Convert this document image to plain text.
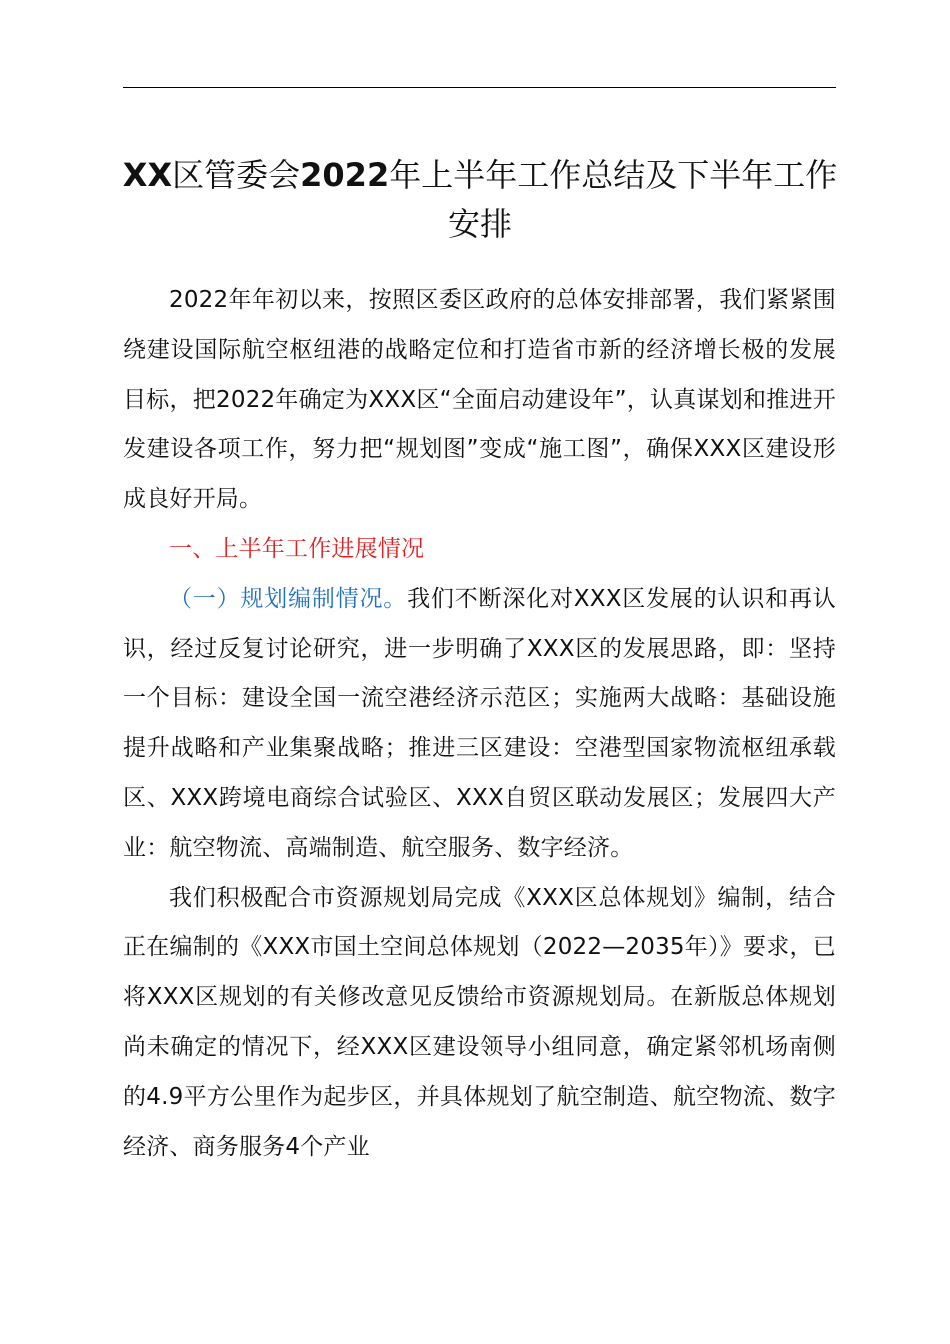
XX区管委会2022年上半年工作总结及下半年工作安排

2022年年初以来，按照区委区政府的总体安排部署，我们紧紧围绕建设国际航空枢纽港的战略定位和打造省市新的经济增长极的发展目标，把2022年确定为XXX区“全面启动建设年”，认真谋划和推进开发建设各项工作，努力把“规划图”变成“施工图”，确保XXX区建设形成良好开局。

一、上半年工作进展情况

（一）规划编制情况。我们不断深化对XXX区发展的认识和再认识，经过反复讨论研究，进一步明确了XXX区的发展思路，即：坚持一个目标：建设全国一流空港经济示范区；实施两大战略：基础设施提升战略和产业集聚战略；推进三区建设：空港型国家物流枢纽承载区、XXX跨境电商综合试验区、XXX自贸区联动发展区；发展四大产业：航空物流、高端制造、航空服务、数字经济。

我们积极配合市资源规划局完成《XXX区总体规划》编制，结合正在编制的《XXX市国土空间总体规划（2022—2035年）》要求，已将XXX区规划的有关修改意见反馈给市资源规划局。在新版总体规划尚未确定的情况下，经XXX区建设领导小组同意，确定紧邻机场南侧的4.9平方公里作为起步区，并具体规划了航空制造、航空物流、数字经济、商务服务4个产业
